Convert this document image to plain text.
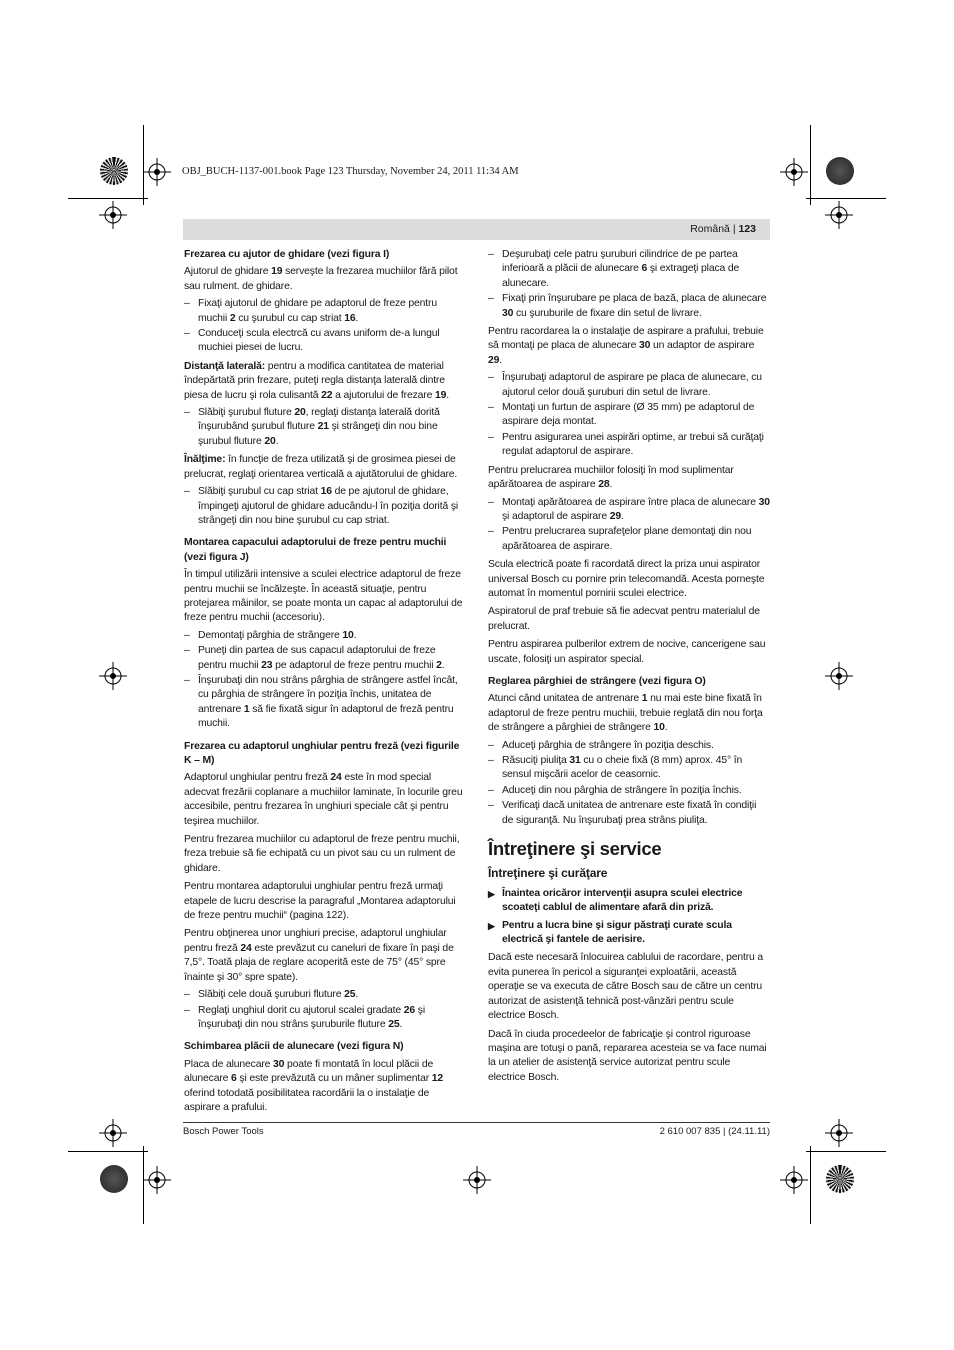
OBJ_BUCH-1137-001.book Page 123 Thursday, November 24, 2011 11:34 AM
Română | 123
Frezarea cu ajutor de ghidare (vezi figura I)

Ajutorul de ghidare 19 serveşte la frezarea muchiilor fără pilot sau rulment. de ghidare.

– Fixaţi ajutorul de ghidare pe adaptorul de freze pentru muchii 2 cu şurubul cu cap striat 16.

– Conduceţi scula electrcă cu avans uniform de-a lungul muchiei piesei de lucru.

Distanţă laterală: pentru a modifica cantitatea de material îndepărtată prin frezare, puteţi regla distanţa laterală dintre piesa de lucru şi rola culisantă 22 a ajutorului de frezare 19.

– Slăbiţi şurubul fluture 20, reglaţi distanţa laterală dorită înşurubând şurubul fluture 21 şi strângeţi din nou bine şurubul fluture 20.

Înălţime: în funcţie de freza utilizată şi de grosimea piesei de prelucrat, reglaţi orientarea verticală a ajutătorului de ghidare.

– Slăbiţi şurubul cu cap striat 16 de pe ajutorul de ghidare, împingeţi ajutorul de ghidare aducându-l în poziţia dorită şi strângeţi din nou bine şurubul cu cap striat.

Montarea capacului adaptorului de freze pentru muchii (vezi figura J)

În timpul utilizării intensive a sculei electrice adaptorul de freze pentru muchii se încălzeşte. În această situaţie, pentru protejarea mâinilor, se poate monta un capac al adaptorului de freze pentru muchii (accesoriu).

– Demontaţi pârghia de strângere 10.

– Puneţi din partea de sus capacul adaptorului de freze pentru muchii 23 pe adaptorul de freze pentru muchii 2.

– Înşurubaţi din nou strâns pârghia de strângere astfel încât, cu pârghia de strângere în poziţia închis, unitatea de antrenare 1 să fie fixată sigur în adaptorul de freză pentru muchii.

Frezarea cu adaptorul unghiular pentru freză (vezi figurile K – M)

Adaptorul unghiular pentru freză 24 este în mod special adecvat frezării coplanare a muchiilor laminate, în locurile greu accesibile, pentru frezarea în unghiuri speciale cât şi pentru teşirea muchiilor.

Pentru frezarea muchiilor cu adaptorul de freze pentru muchii, freza trebuie să fie echipată cu un pivot sau cu un rulment de ghidare.

Pentru montarea adaptorului unghiular pentru freză urmaţi etapele de lucru descrise la paragraful „Montarea adaptorului de freze pentru muchii“ (pagina 122).

Pentru obţinerea unor unghiuri precise, adaptorul unghiular pentru freză 24 este prevăzut cu caneluri de fixare în paşi de 7,5°. Toată plaja de reglare acoperită este de 75° (45° spre înainte şi 30° spre spate).

– Slăbiţi cele două şuruburi fluture 25.

– Reglaţi unghiul dorit cu ajutorul scalei gradate 26 şi înşurubaţi din nou strâns şuruburile fluture 25.

Schimbarea plăcii de alunecare (vezi figura N)

Placa de alunecare 30 poate fi montată în locul plăcii de alunecare 6 şi este prevăzută cu un mâner suplimentar 12 oferind totodată posibilitatea racordării la o instalaţie de aspirare a prafului.

– Deşurubaţi cele patru şuruburi cilindrice de pe partea inferioară a plăcii de alunecare 6 şi extrageţi placa de alunecare.

– Fixaţi prin înşurubare pe placa de bază, placa de alunecare 30 cu şuruburile de fixare din setul de livrare.

Pentru racordarea la o instalaţie de aspirare a prafului, trebuie să montaţi pe placa de alunecare 30 un adaptor de aspirare 29.

– Înşurubaţi adaptorul de aspirare pe placa de alunecare, cu ajutorul celor două şuruburi din setul de livrare.

– Montaţi un furtun de aspirare (Ø 35 mm) pe adaptorul de aspirare deja montat.

– Pentru asigurarea unei aspirări optime, ar trebui să curăţaţi regulat adaptorul de aspirare.

Pentru prelucrarea muchiilor folosiţi în mod suplimentar apărătoarea de aspirare 28.

– Montaţi apărătoarea de aspirare între placa de alunecare 30 şi adaptorul de aspirare 29.

– Pentru prelucrarea suprafeţelor plane demontaţi din nou apărătoarea de aspirare.

Scula electrică poate fi racordată direct la priza unui aspirator universal Bosch cu pornire prin telecomandă. Acesta porneşte automat în momentul pornirii sculei electrice.

Aspiratorul de praf trebuie să fie adecvat pentru materialul de prelucrat.

Pentru aspirarea pulberilor extrem de nocive, cancerigene sau uscate, folosiţi un aspirator special.

Reglarea pârghiei de strângere (vezi figura O)

Atunci când unitatea de antrenare 1 nu mai este bine fixată în adaptorul de freze pentru muchiii, trebuie reglată din nou forţa de strângere a pârghiei de strângere 10.

– Aduceţi pârghia de strângere în poziţia deschis.

– Răsuciţi piuliţa 31 cu o cheie fixă (8 mm) aprox. 45° în sensul mişcării acelor de ceasornic.

– Aduceţi din nou pârghia de strângere în poziţia închis.

– Verificaţi dacă unitatea de antrenare este fixată în condiţii de siguranţă. Nu înşurubaţi prea strâns piuliţa.

Întreţinere şi service
Întreţinere şi curăţare

▶ Înaintea oricăror intervenţii asupra sculei electrice scoateţi cablul de alimentare afară din priză.

▶ Pentru a lucra bine şi sigur păstraţi curate scula electrică şi fantele de aerisire.

Dacă este necesară înlocuirea cablului de racordare, pentru a evita punerea în pericol a siguranţei exploatării, această operaţie se va executa de către Bosch sau de către un centru autorizat de asistenţă tehnică post-vânzări pentru scule electrice Bosch.

Dacă în ciuda procedeelor de fabricaţie şi control riguroase maşina are totuşi o pană, repararea acesteia se va face numai la un atelier de asistenţă service autorizat pentru scule electrice Bosch.

Bosch Power Tools	2 610 007 835 | (24.11.11)
